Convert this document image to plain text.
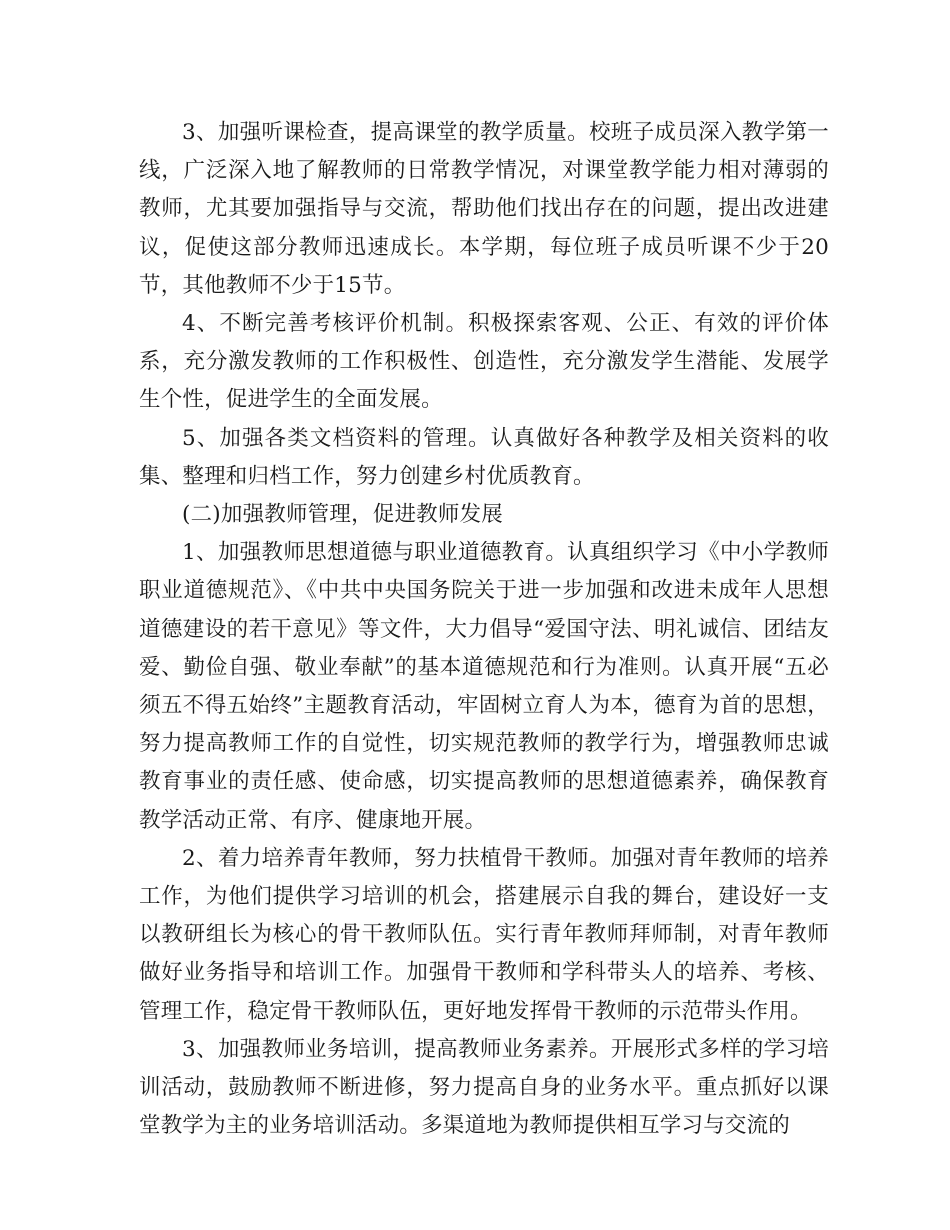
3、加强听课检查，提高课堂的教学质量。校班子成员深入教学第一线，广泛深入地了解教师的日常教学情况，对课堂教学能力相对薄弱的教师，尤其要加强指导与交流，帮助他们找出存在的问题，提出改进建议，促使这部分教师迅速成长。本学期，每位班子成员听课不少于20节，其他教师不少于15节。

4、不断完善考核评价机制。积极探索客观、公正、有效的评价体系，充分激发教师的工作积极性、创造性，充分激发学生潜能、发展学生个性，促进学生的全面发展。

5、加强各类文档资料的管理。认真做好各种教学及相关资料的收集、整理和归档工作，努力创建乡村优质教育。

(二)加强教师管理，促进教师发展

1、加强教师思想道德与职业道德教育。认真组织学习《中小学教师职业道德规范》、《中共中央国务院关于进一步加强和改进未成年人思想道德建设的若干意见》等文件，大力倡导“爱国守法、明礼诚信、团结友爱、勤俭自强、敬业奉献”的基本道德规范和行为准则。认真开展“五必须五不得五始终”主题教育活动，牢固树立育人为本，德育为首的思想，努力提高教师工作的自觉性，切实规范教师的教学行为，增强教师忠诚教育事业的责任感、使命感，切实提高教师的思想道德素养，确保教育教学活动正常、有序、健康地开展。

2、着力培养青年教师，努力扶植骨干教师。加强对青年教师的培养工作，为他们提供学习培训的机会，搭建展示自我的舞台，建设好一支以教研组长为核心的骨干教师队伍。实行青年教师拜师制，对青年教师做好业务指导和培训工作。加强骨干教师和学科带头人的培养、考核、管理工作，稳定骨干教师队伍，更好地发挥骨干教师的示范带头作用。

3、加强教师业务培训，提高教师业务素养。开展形式多样的学习培训活动，鼓励教师不断进修，努力提高自身的业务水平。重点抓好以课堂教学为主的业务培训活动。多渠道地为教师提供相互学习与交流的
